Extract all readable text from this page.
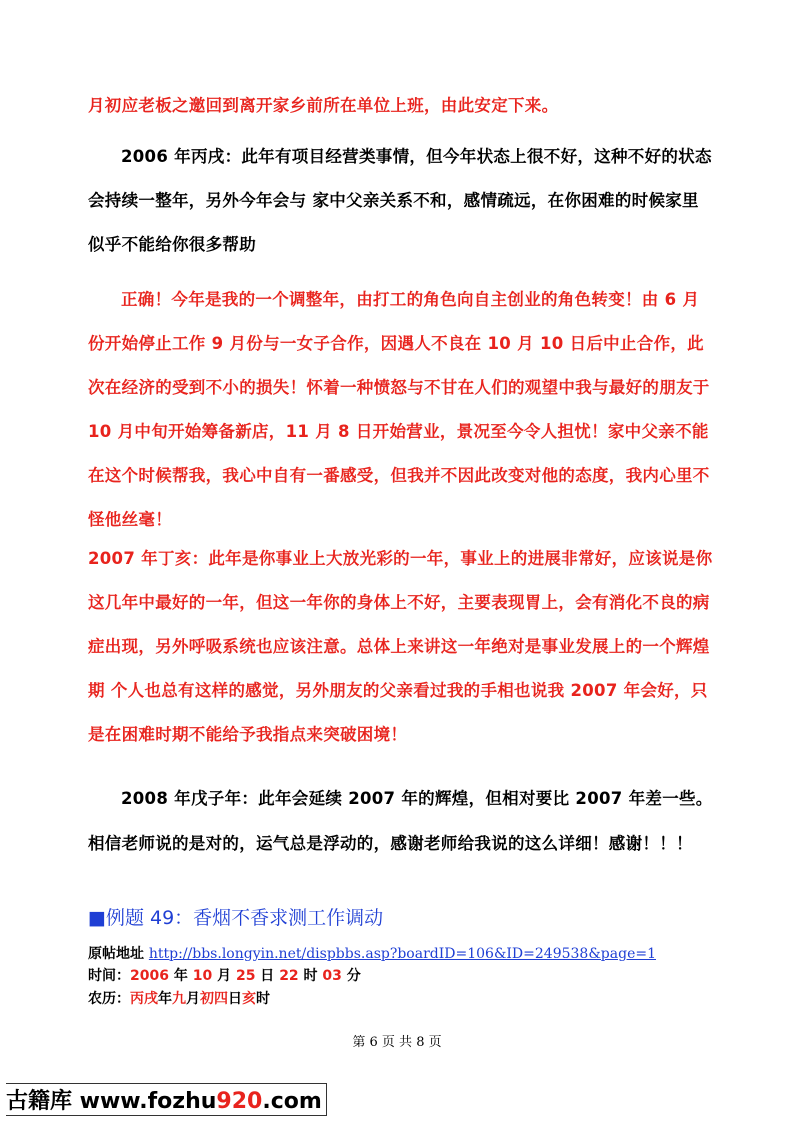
月初应老板之邀回到离开家乡前所在单位上班，由此安定下来。

2006 年丙戌：此年有项目经营类事情，但今年状态上很不好，这种不好的状态会持续一整年，另外今年会与 家中父亲关系不和，感情疏远，在你困难的时候家里似乎不能给你很多帮助

正确！今年是我的一个调整年，由打工的角色向自主创业的角色转变！由 6 月份开始停止工作 9 月份与一女子合作，因遇人不良在 10 月 10 日后中止合作，此次在经济的受到不小的损失！怀着一种愤怒与不甘在人们的观望中我与最好的朋友于 10 月中旬开始筹备新店，11 月 8 日开始营业，景况至今令人担忧！家中父亲不能在这个时候帮我，我心中自有一番感受，但我并不因此改变对他的态度，我内心里不怪他丝毫！

2007 年丁亥：此年是你事业上大放光彩的一年，事业上的进展非常好，应该说是你这几年中最好的一年，但这一年你的身体上不好，主要表现胃上，会有消化不良的病症出现，另外呼吸系统也应该注意。总体上来讲这一年绝对是事业发展上的一个辉煌期 个人也总有这样的感觉，另外朋友的父亲看过我的手相也说我 2007 年会好，只是在困难时期不能给予我指点来突破困境！

2008 年戊子年：此年会延续 2007 年的辉煌，但相对要比 2007 年差一些。

相信老师说的是对的，运气总是浮动的，感谢老师给我说的这么详细！感谢！！！

■例题 49：香烟不香求测工作调动
原帖地址 http://bbs.longyin.net/dispbbs.asp?boardID=106&ID=249538&page=1
时间：2006 年 10 月 25 日 22 时 03 分
农历：丙戌年九月初四日亥时
第 6 页 共 8 页
古籍库 www.fozhu920.com
